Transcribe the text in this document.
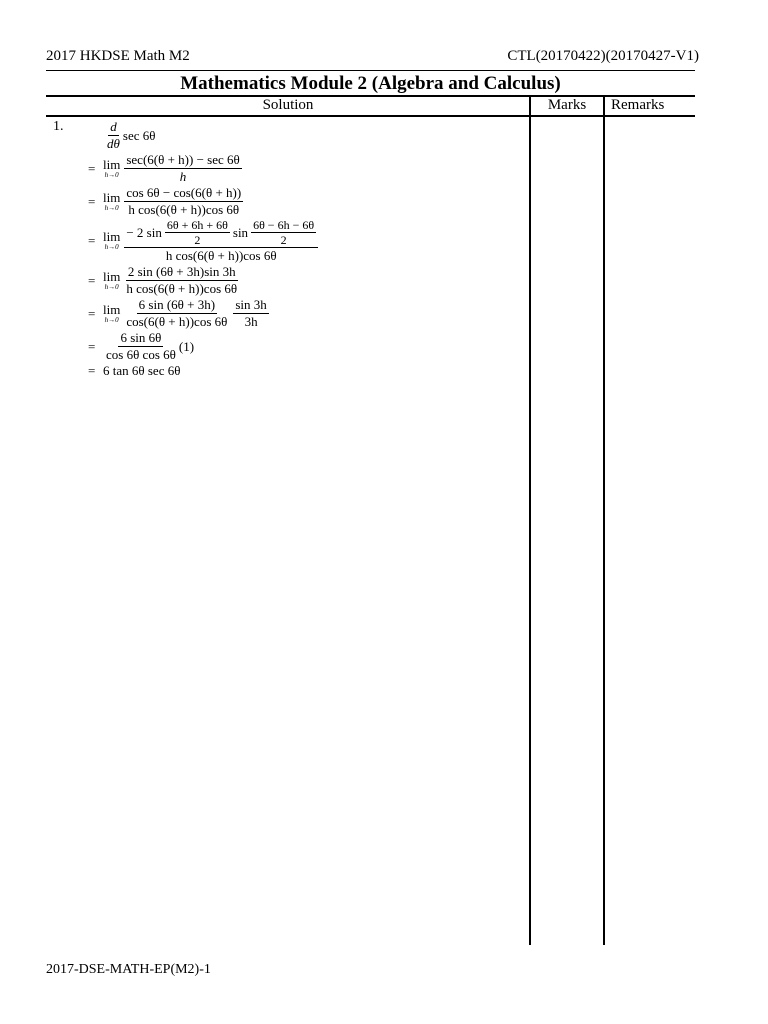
2017 HKDSE Math M2	CTL(20170422)(20170427-V1)
Mathematics Module 2 (Algebra and Calculus)
Solution	Marks	Remarks
1.	$\frac{d}{d\theta}$ sec 6θ
= lim
$h\to 0 \frac{\sec(6(\theta + h)) - \sec 6\theta}{h}$
= lim
$h\to 0 \frac{\cos 6\theta - \cos(6(\theta + h))}{\text{h cos(6(θ + h))cos 6θ}}$
= lim
h→0
− 2 $\sin \frac{6\theta + 6h + 6\theta}{2}$ $\sin \frac{6\theta - 6h - 6\theta}{2}$
h cos(6(θ + h))cos 6θ
= lim
$h\to 0 \frac{2 \sin (6\theta + 3h)\sin 3h}{\text{h cos(6(θ + h))cos 6θ}}$
= lim
$h\to 0 \frac{6 \sin (6\theta + 3h)}{\cos(6(\theta + h))\cos 6\theta} \frac{\sin 3h}{3h}$
= $\frac{6 \sin 6\theta}{\text{cos 6θ cos 6θ}} (1)$
= 6 tan 6θ sec 6θ
2017-DSE-MATH-EP(M2)-1
